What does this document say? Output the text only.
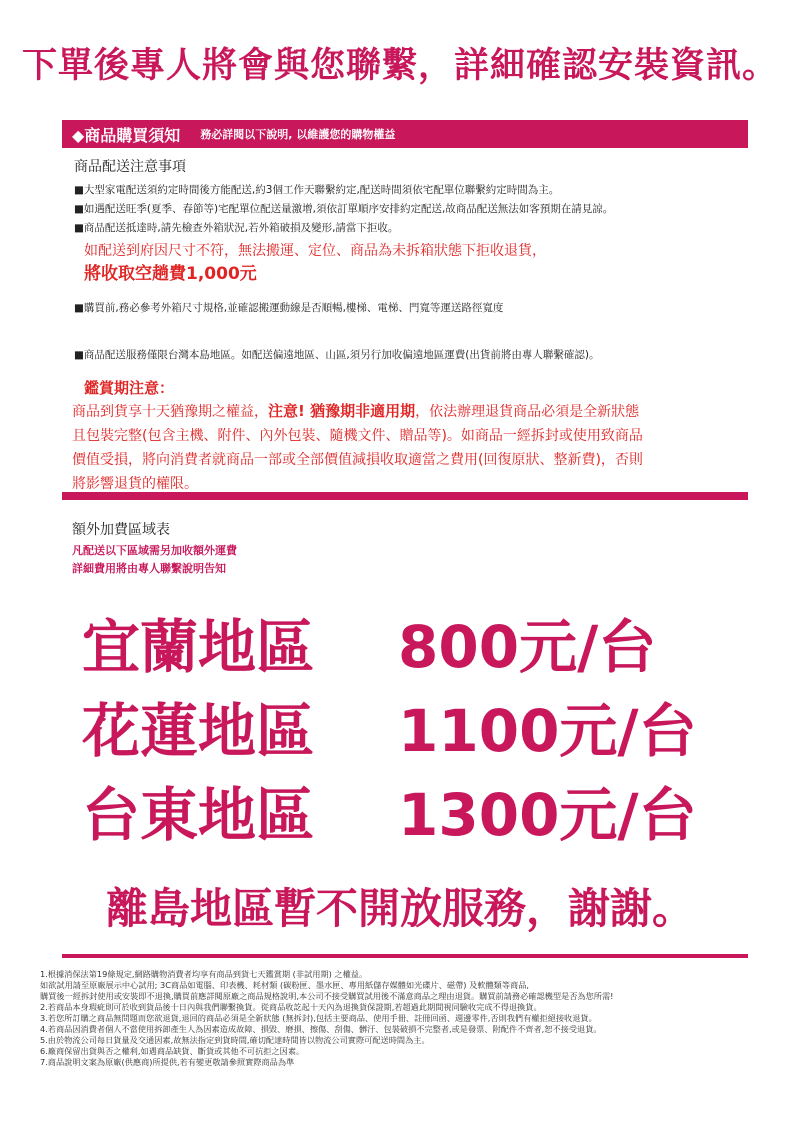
下單後專人將會與您聯繫，詳細確認安裝資訊。
◆商品購買須知 務必詳閱以下說明, 以維護您的購物權益
商品配送注意事項
■大型家電配送須約定時間後方能配送,約3個工作天聯繫約定,配送時間須依宅配單位聯繫約定時間為主。
■如遇配送旺季(夏季、春節等)宅配單位配送量激增,須依訂單順序安排約定配送,故商品配送無法如客預期在請見諒。
■商品配送抵達時,請先檢查外箱狀況,若外箱破損及變形,請當下拒收。
如配送到府因尺寸不符，無法搬運、定位、商品為未拆箱狀態下拒收退貨，
將收取空趟費1,000元
■購買前,務必參考外箱尺寸規格,並確認搬運動線是否順暢,樓梯、電梯、門寬等運送路徑寬度
■商品配送服務僅限台灣本島地區。如配送偏遠地區、山區,須另行加收偏遠地區運費(出貨前將由專人聯繫確認)。
鑑賞期注意：
商品到貨享十天猶豫期之權益，注意! 猶豫期非適用期，依法辦理退貨商品必須是全新狀態
且包裝完整(包含主機、附件、內外包裝、隨機文件、贈品等)。如商品一經拆封或使用致商品
價值受損，將向消費者就商品一部或全部價值減損收取適當之費用(回復原狀、整新費)，否則
將影響退貨的權限。
額外加費區域表
凡配送以下區域需另加收額外運費
詳細費用將由專人聯繫說明告知
宜蘭地區 800元/台
花蓮地區 1100元/台
台東地區 1300元/台
離島地區暫不開放服務，謝謝。
1.根據消保法第19條規定,網路購物消費者均享有商品到貨七天鑑賞期 (非試用期) 之權益。
如欲試用請至原廠展示中心試用; 3C商品如電腦、印表機、耗材類 (碳粉匣、墨水匣、專用紙儲存媒體如光碟片、磁帶) 及軟體類等商品,
購買後一經拆封使用或安裝即不退換,購買前應詳閱原廠之商品規格說明,本公司不接受購買試用後不滿意商品之理由退貨。購買前請務必確認機型是否為您所需!
2.若商品本身瑕疵則可於收到貨品後十日內與我們聯繫換貨。從商品收訖起十天內為退換貨保證期,若超過此期間視同驗收完成不得退換貨。
3.若您所訂購之商品無問題而您欲退貨,退回的商品必須是全新狀態 (無拆封),包括主要商品、使用手冊、註冊回函、週邊零件,否則我們有權拒絕接收退貨。
4.若商品因消費者個人不當使用拆卸產生人為因素造成故障、損毀、磨損、擦傷、刮傷、髒汙、包裝破損不完整者,或是發票、附配件不齊者,恕不接受退貨。
5.由於物流公司每日貨量及交通因素,故無法指定到貨時間,確切配達時間皆以物流公司實際可配送時間為主。
6.廠商保留出貨與否之權利,如遇商品缺貨、斷貨或其他不可抗拒之因素。
7.商品說明文案為原廠(供應商)所提供,若有變更敬請參照實際商品為準
